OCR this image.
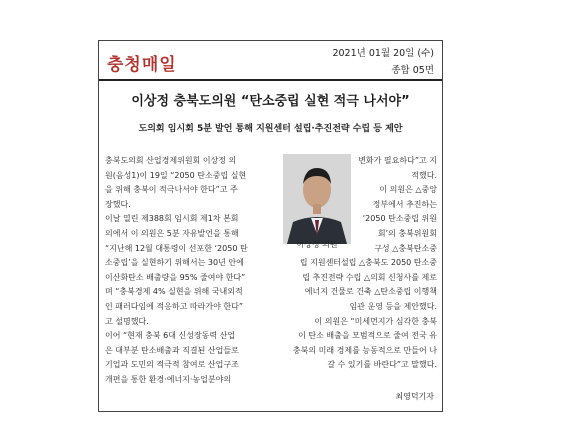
충청매일
2021년 01월 20일 (수)
종합 05면
이상정 충북도의원 “탄소중립 실현 적극 나서야”
도의회 임시회 5분 발언 통해 지원센터 설립·추진전략 수립 등 제안

충북도의회 산업경제위원회 이상정 의

원(음성1)이 19일 “2050 탄소중립 실현

을 위해 충북이 적극나서야 한다”고 주

장했다.

이날 열린 제388회 임시회 제1차 본회

의에서 이 의원은 5분 자유발언을 통해

“지난해 12월 대통령이 선포한 ‘2050 탄

소중립’을 실현하기 위해서는 30년 안에

이산화탄소 배출량을 95% 줄여야 한다”

며 “충북경제 4% 실현을 위해 국내외적

인 패러다임에 적응하고 따라가야 한다”

고 설명했다.

이어 “현재 충북 6대 신성장동력 산업

은 대부분 탄소배출과 직결된 산업들로

기업과 도민의 적극적 참여로 산업구조

개편을 통한 환경·에너지·농업분야의

이상정 의원

변화가 필요하다”고 지

적했다.

이 의원은 △중앙

정부에서 추진하는

‘2050 탄소중립 위원

회’의 충북위원회

구성 △충북탄소중

립 지원센터설립 △충북도 2050 탄소중

립 추진전략 수립 △의회 신청사를 제로

에너지 건물로 건축 △탄소중립 이행책

임관 운영 등을 제안했다.

이 의원은 “미세먼지가 심각한 충북

이 탄소 배출을 모범적으로 줄여 전국 유

충북의 미래 경제를 능동적으로 만들어 나

갈 수 있기를 바란다”고 말했다.

최영덕기자
